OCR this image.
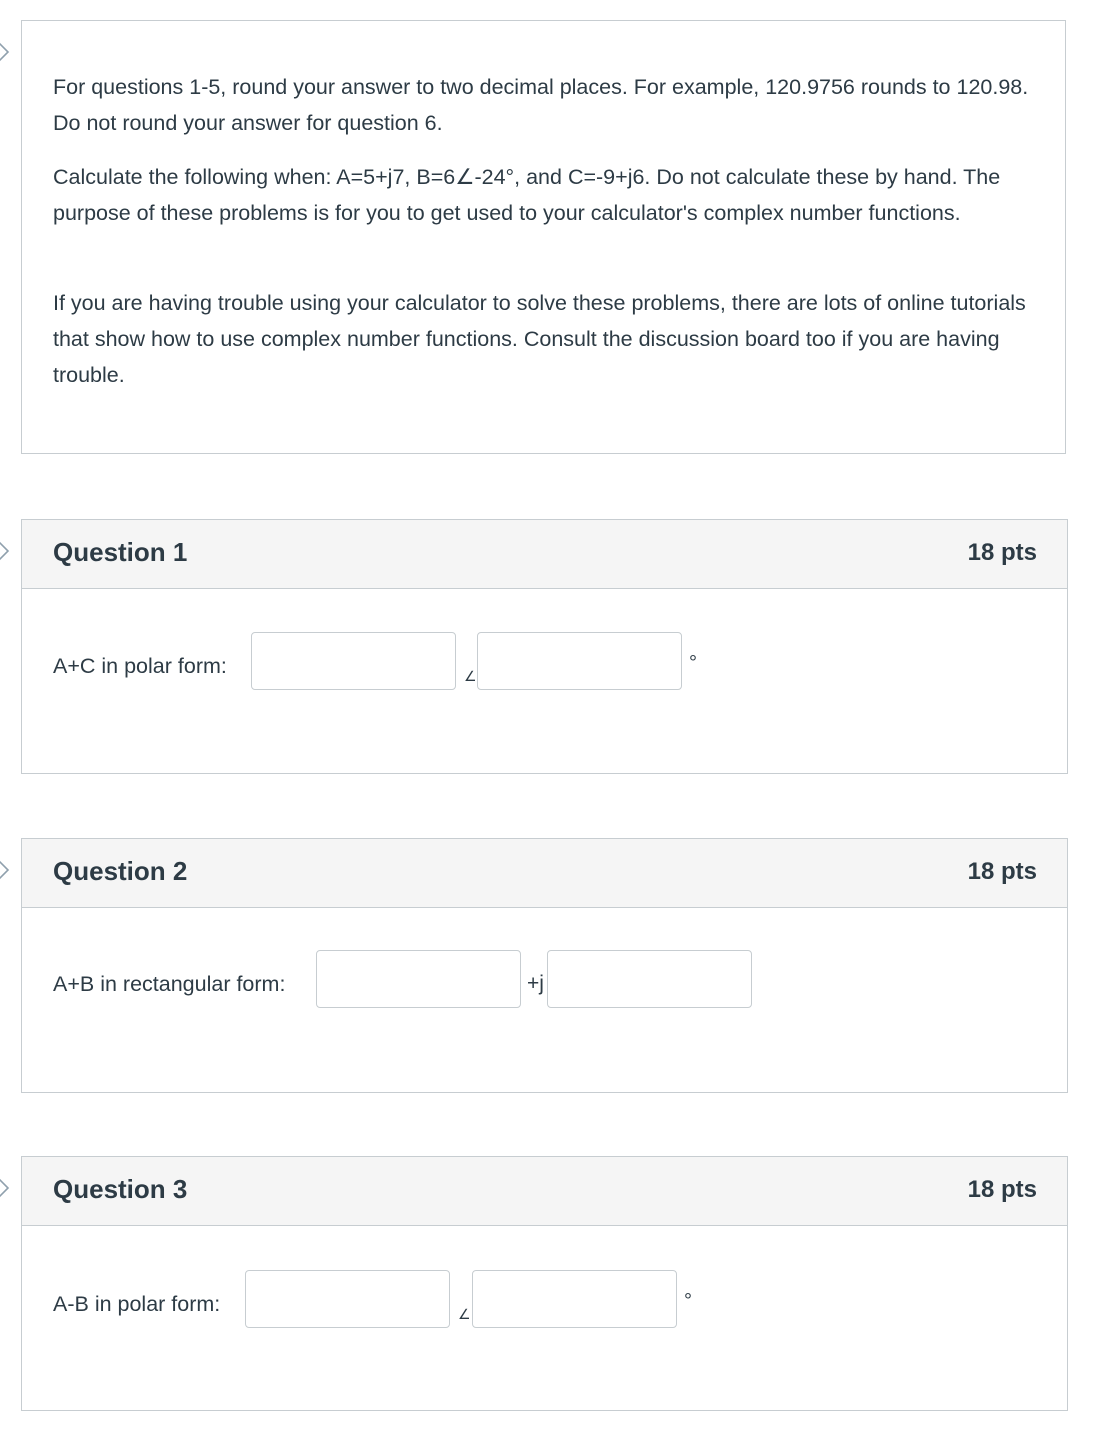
For questions 1-5, round your answer to two decimal places. For example, 120.9756 rounds to 120.98. Do not round your answer for question 6.

Calculate the following when: A=5+j7, B=6∠-24°, and C=-9+j6. Do not calculate these by hand. The purpose of these problems is for you to get used to your calculator's complex number functions.

If you are having trouble using your calculator to solve these problems, there are lots of online tutorials that show how to use complex number functions. Consult the discussion board too if you are having trouble.

Question 1	18 pts
A+C in polar form:	∠
°
Question 2	18 pts
A+B in rectangular form:	+j
Question 3	18 pts
A-B in polar form:	∠
°
